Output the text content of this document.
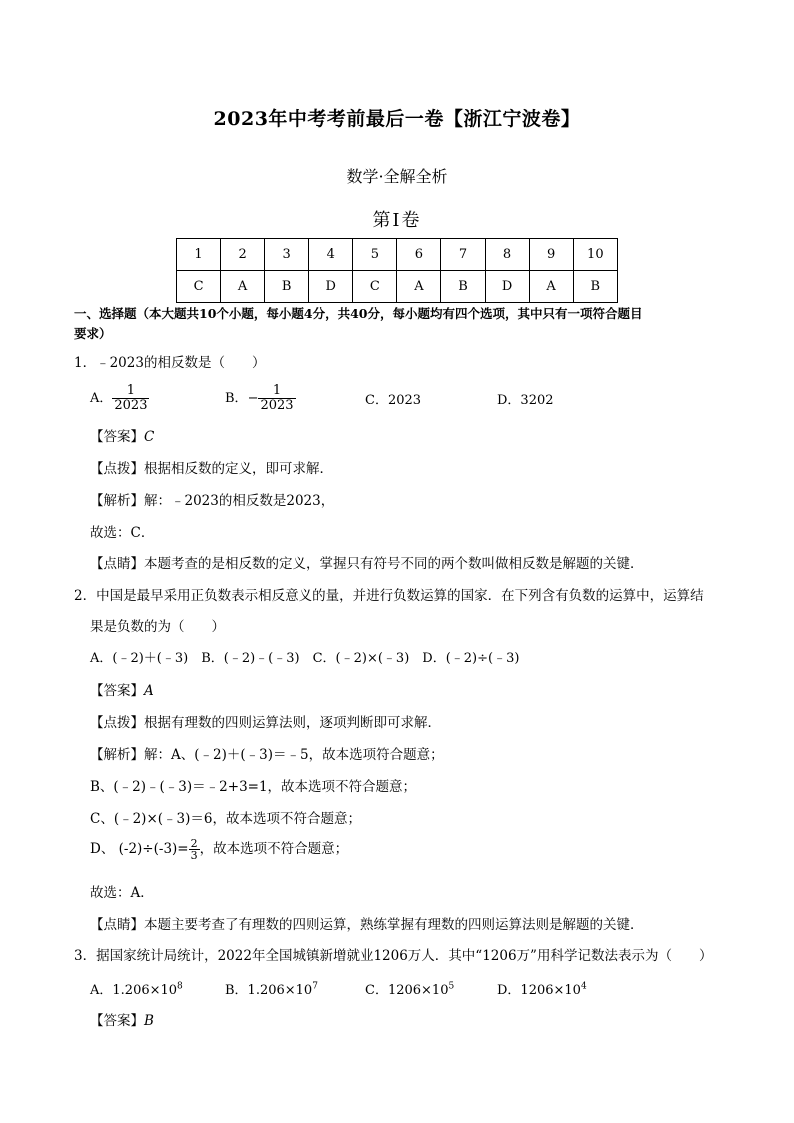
2023年中考考前最后一卷【浙江宁波卷】
数学·全解全析
第Ⅰ卷
1	2	3	4	5	6	7	8	9	10
C	A	B	D	C	A	B	D	A	B
一、选择题（本大题共10个小题，每小题4分，共40分，每小题均有四个选项，其中只有一项符合题目
要求）
1．﹣2023的相反数是（　　）
A． $\frac{1}{2023}$	B．− $\frac{1}{2023}$	C．2023	D．3202
【答案】C
【点拨】根据相反数的定义，即可求解．
【解析】解：﹣2023的相反数是2023，
故选：C．
【点睛】本题考查的是相反数的定义，掌握只有符号不同的两个数叫做相反数是解题的关键．
2．中国是最早采用正负数表示相反意义的量，并进行负数运算的国家．在下列含有负数的运算中，运算结
果是负数的为（　　）
A．(﹣2)＋(﹣3)　B．(﹣2)﹣(﹣3)　C．(﹣2)×(﹣3)　D．(﹣2)÷(﹣3)
【答案】A
【点拨】根据有理数的四则运算法则，逐项判断即可求解．
【解析】解：A、(﹣2)＋(﹣3)＝﹣5，故本选项符合题意；
B、(﹣2)﹣(﹣3)＝﹣2+3=1，故本选项不符合题意；
C、(﹣2)×(﹣3)＝6，故本选项不符合题意；
D、 $(-2)\div(-3)= \frac{2}{3}$ ，故本选项不符合题意；
故选：A．
【点睛】本题主要考查了有理数的四则运算，熟练掌握有理数的四则运算法则是解题的关键．
3．据国家统计局统计，2022年全国城镇新增就业1206万人．其中“1206万”用科学记数法表示为（　　）
A．$1.206\times 10^8$	B．$1.206\times 10^7$	C．$1206\times 10^5$	D．$1206\times 10^4$
【答案】B
